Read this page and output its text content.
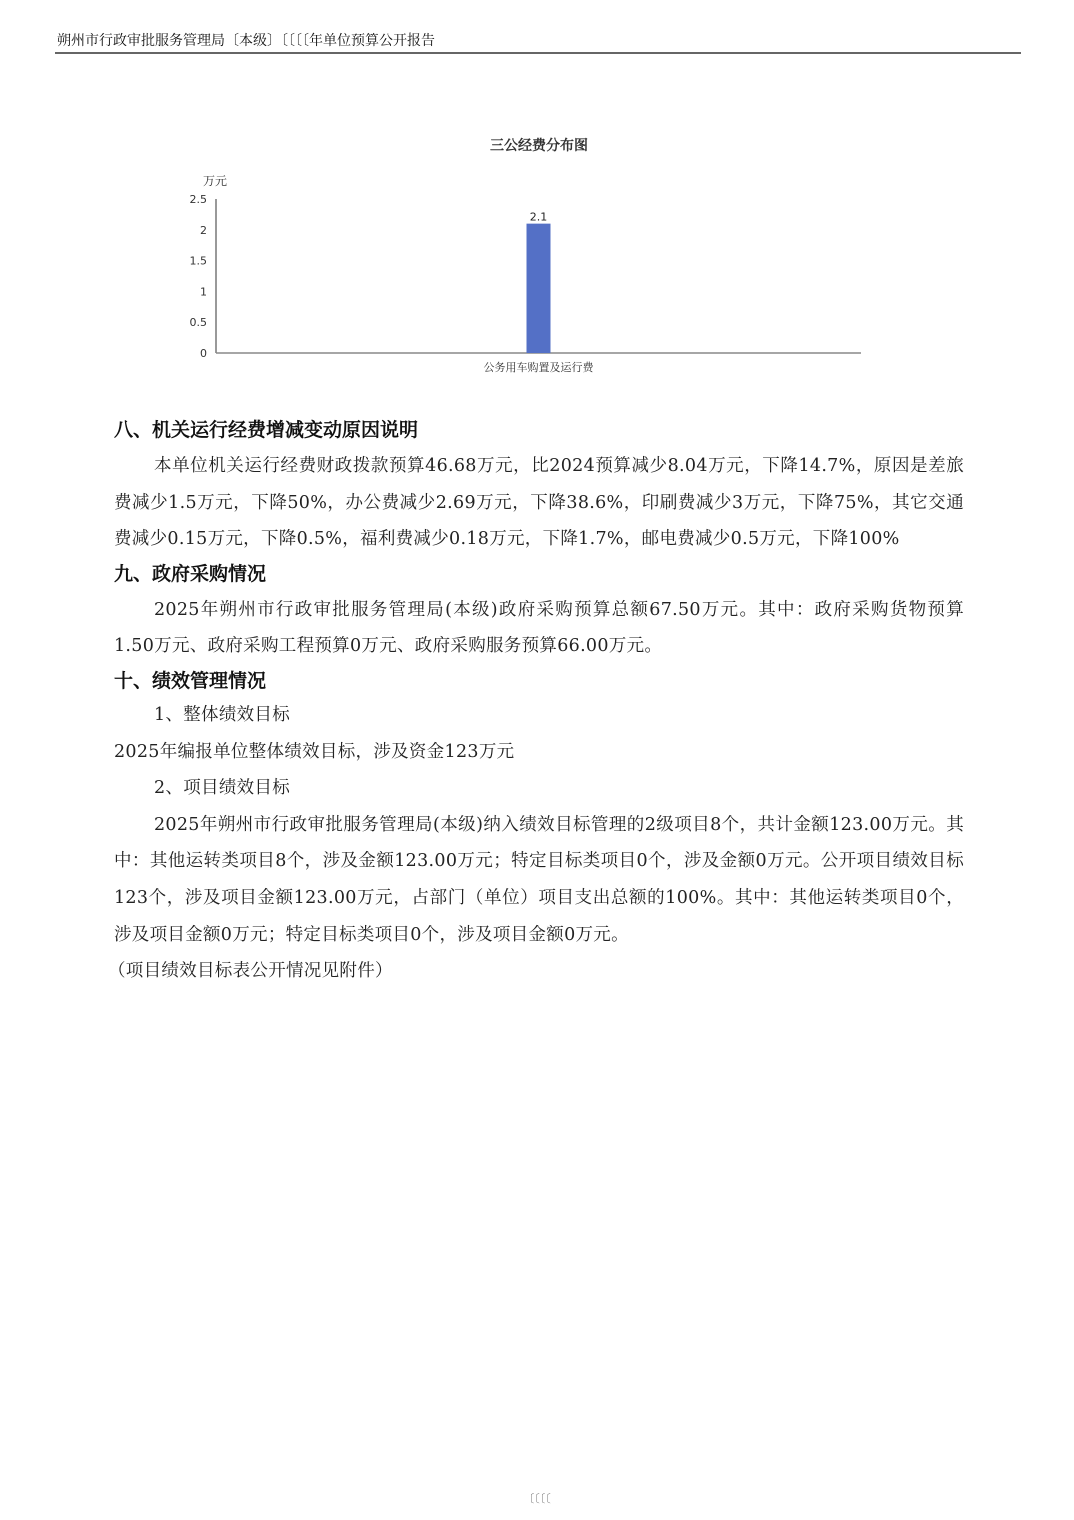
朔州市行政审批服务管理局〔本级〕〔〔〔〔年单位预算公开报告
三公经费分布图
万元
0
0.5
1
1.5
2
2.5
2.1
公务用车购置及运行费
八、机关运行经费增减变动原因说明

本单位机关运行经费财政拨款预算46.68万元，比2024预算减少8.04万元，下降14.7%，原因是差旅费减少1.5万元，下降50%，办公费减少2.69万元，下降38.6%，印刷费减少3万元，下降75%，其它交通费减少0.15万元，下降0.5%，福利费减少0.18万元，下降1.7%，邮电费减少0.5万元，下降100%

九、政府采购情况

2025年朔州市行政审批服务管理局(本级)政府采购预算总额67.50万元。其中：政府采购货物预算1.50万元、政府采购工程预算0万元、政府采购服务预算66.00万元。

十、绩效管理情况

1、整体绩效目标

2025年编报单位整体绩效目标，涉及资金123万元

2、项目绩效目标

2025年朔州市行政审批服务管理局(本级)纳入绩效目标管理的2级项目8个，共计金额123.00万元。其中：其他运转类项目8个，涉及金额123.00万元；特定目标类项目0个，涉及金额0万元。公开项目绩效目标123个，涉及项目金额123.00万元，占部门（单位）项目支出总额的100%。其中：其他运转类项目0个，涉及项目金额0万元；特定目标类项目0个，涉及项目金额0万元。

（项目绩效目标表公开情况见附件）

〔〔〔〔
